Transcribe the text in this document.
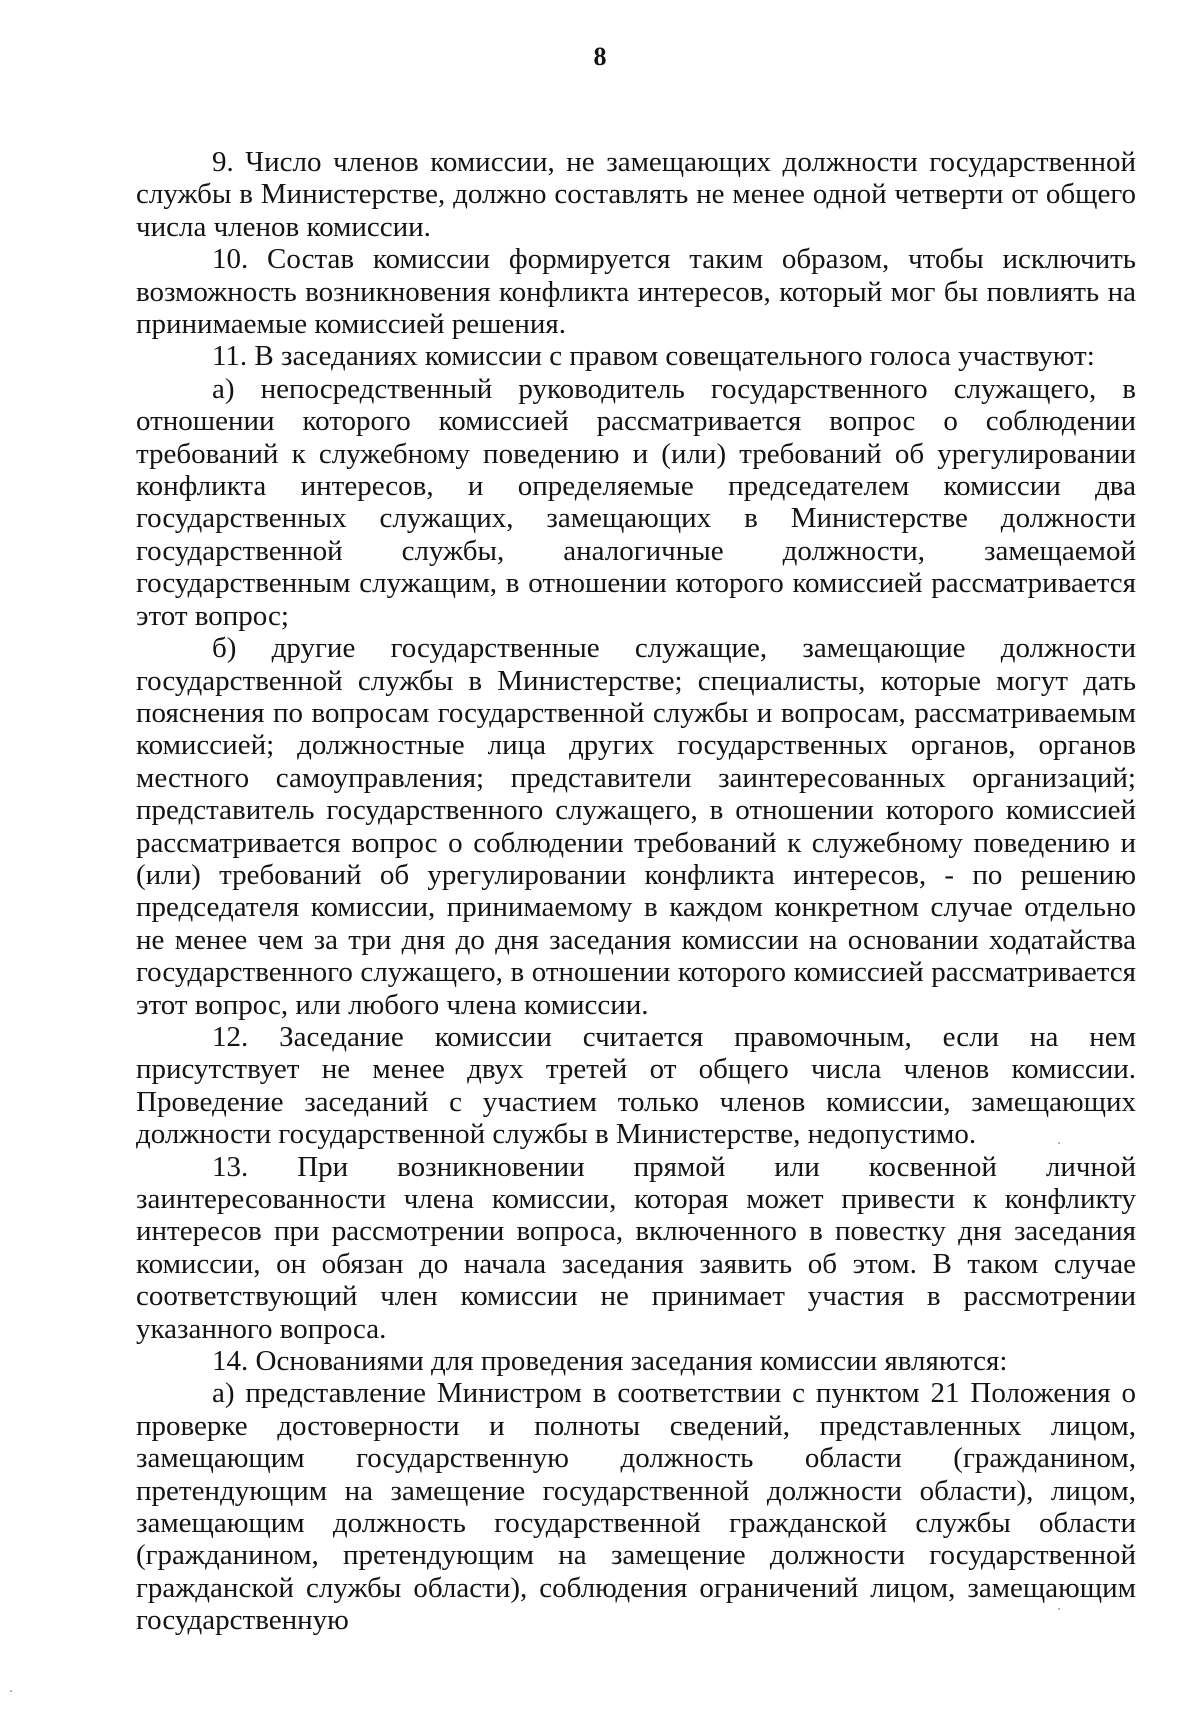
8

9. Число членов комиссии, не замещающих должности государственной службы в Министерстве, должно составлять не менее одной четверти от общего числа членов комиссии.

10. Состав комиссии формируется таким образом, чтобы исключить возможность возникновения конфликта интересов, который мог бы повлиять на принимаемые комиссией решения.

11. В заседаниях комиссии с правом совещательного голоса участвуют:

а) непосредственный руководитель государственного служащего, в отношении которого комиссией рассматривается вопрос о соблюдении требований к служебному поведению и (или) требований об урегулировании конфликта интересов, и определяемые председателем комиссии два государственных служащих, замещающих в Министерстве должности государственной службы, аналогичные должности, замещаемой государственным служащим, в отношении которого комиссией рассматривается этот вопрос;

б) другие государственные служащие, замещающие должности государственной службы в Министерстве; специалисты, которые могут дать пояснения по вопросам государственной службы и вопросам, рассматриваемым комиссией; должностные лица других государственных органов, органов местного самоуправления; представители заинтересованных организаций; представитель государственного служащего, в отношении которого комиссией рассматривается вопрос о соблюдении требований к служебному поведению и (или) требований об урегулировании конфликта интересов, - по решению председателя комиссии, принимаемому в каждом конкретном случае отдельно не менее чем за три дня до дня заседания комиссии на основании ходатайства государственного служащего, в отношении которого комиссией рассматривается этот вопрос, или любого члена комиссии.

12. Заседание комиссии считается правомочным, если на нем присутствует не менее двух третей от общего числа членов комиссии. Проведение заседаний с участием только членов комиссии, замещающих должности государственной службы в Министерстве, недопустимо.

13. При возникновении прямой или косвенной личной заинтересованности члена комиссии, которая может привести к конфликту интересов при рассмотрении вопроса, включенного в повестку дня заседания комиссии, он обязан до начала заседания заявить об этом. В таком случае соответствующий член комиссии не принимает участия в рассмотрении указанного вопроса.

14. Основаниями для проведения заседания комиссии являются:

а) представление Министром в соответствии с пунктом 21 Положения о проверке достоверности и полноты сведений, представленных лицом, замещающим государственную должность области (гражданином, претендующим на замещение государственной должности области), лицом, замещающим должность государственной гражданской службы области (гражданином, претендующим на замещение должности государственной гражданской службы области), соблюдения ограничений лицом, замещающим государственную
